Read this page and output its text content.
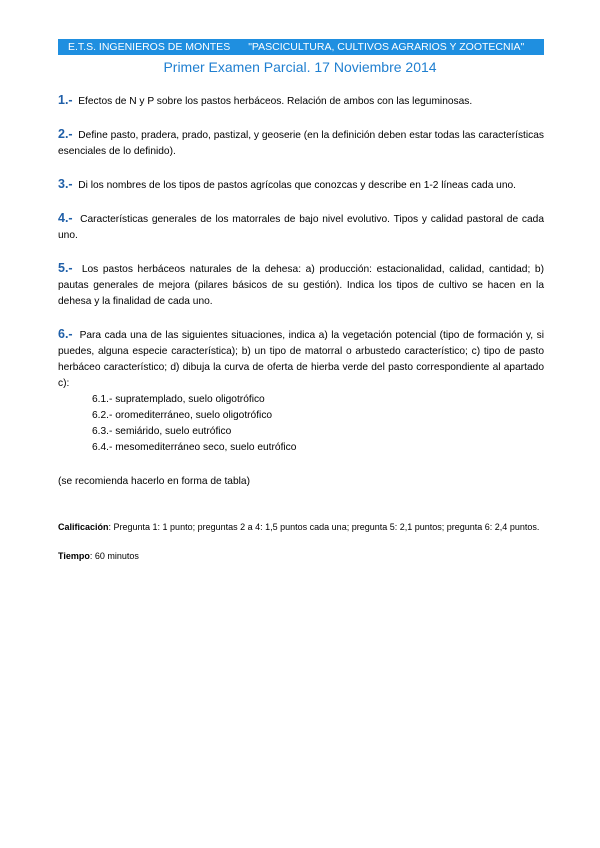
E.T.S. INGENIEROS DE MONTES "PASCICULTURA, CULTIVOS AGRARIOS Y ZOOTECNIA"
Primer Examen Parcial. 17 Noviembre 2014

1.- Efectos de N y P sobre los pastos herbáceos. Relación de ambos con las leguminosas.

2.- Define pasto, pradera, prado, pastizal, y geoserie (en la definición deben estar todas las características esenciales de lo definido).

3.- Di los nombres de los tipos de pastos agrícolas que conozcas y describe en 1-2 líneas cada uno.

4.- Características generales de los matorrales de bajo nivel evolutivo. Tipos y calidad pastoral de cada uno.

5.- Los pastos herbáceos naturales de la dehesa: a) producción: estacionalidad, calidad, cantidad; b) pautas generales de mejora (pilares básicos de su gestión). Indica los tipos de cultivo se hacen en la dehesa y la finalidad de cada uno.

6.- Para cada una de las siguientes situaciones, indica a) la vegetación potencial (tipo de formación y, si puedes, alguna especie característica); b) un tipo de matorral o arbustedo característico; c) tipo de pasto herbáceo característico; d) dibuja la curva de oferta de hierba verde del pasto correspondiente al apartado c):

6.1.- supratemplado, suelo oligotrófico

6.2.- oromediterráneo, suelo oligotrófico

6.3.- semiárido, suelo eutrófico

6.4.- mesomediterráneo seco, suelo eutrófico

(se recomienda hacerlo en forma de tabla)

Calificación: Pregunta 1: 1 punto; preguntas 2 a 4: 1,5 puntos cada una; pregunta 5: 2,1 puntos; pregunta 6: 2,4 puntos.

Tiempo: 60 minutos
